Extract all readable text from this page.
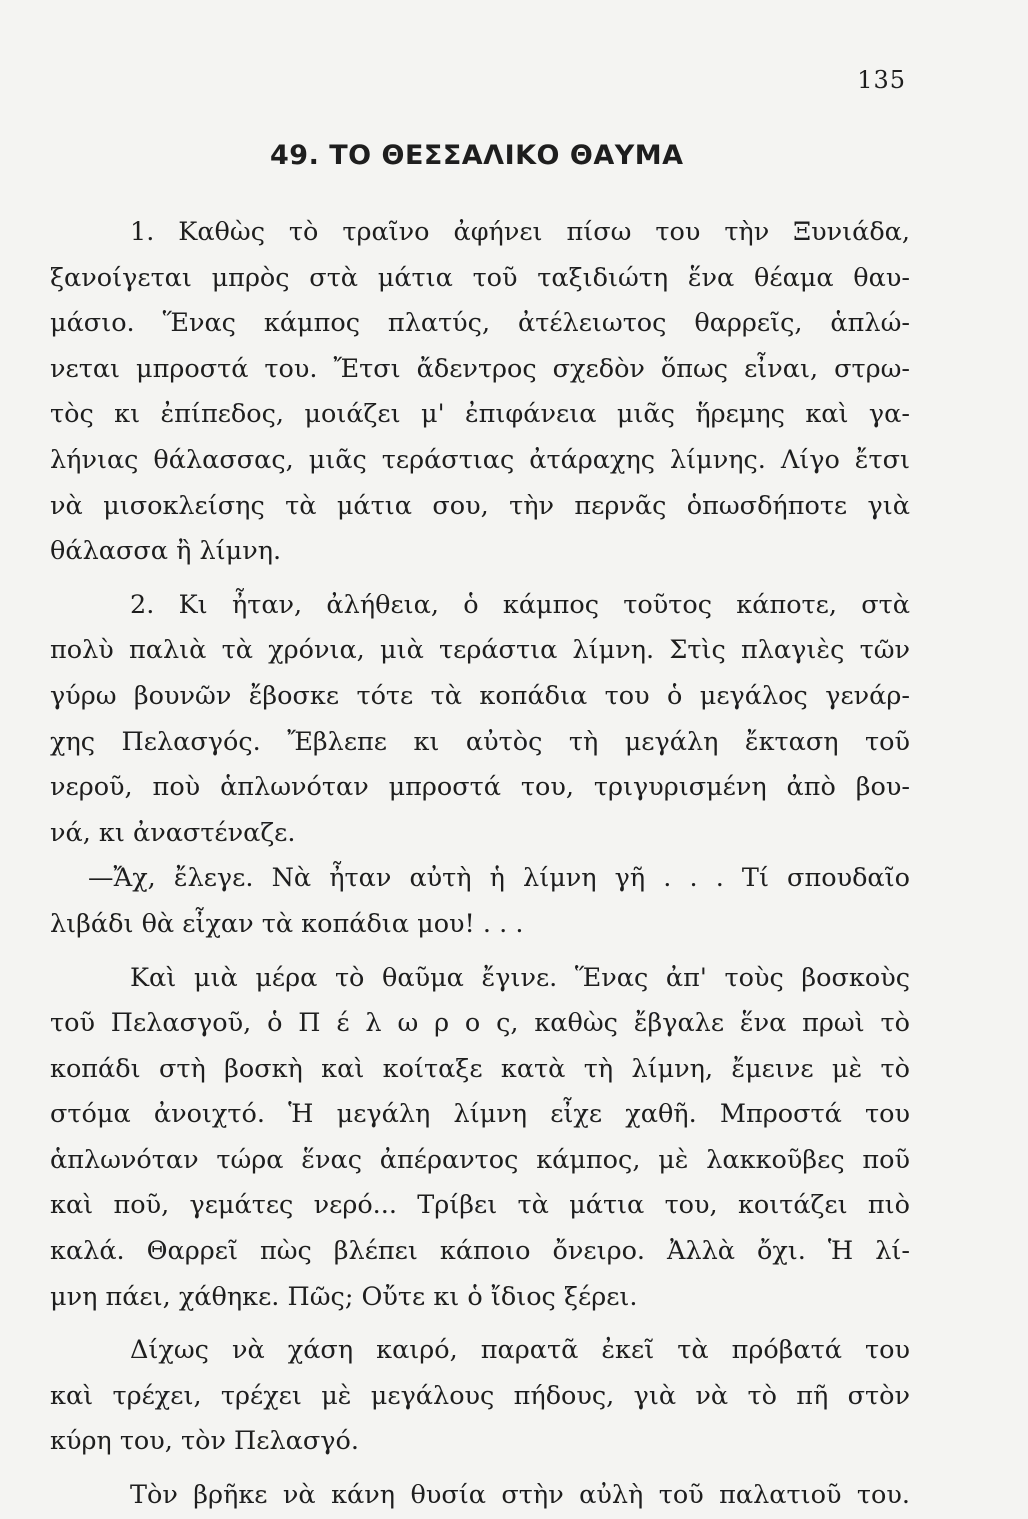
135
49. ΤΟ ΘΕΣΣΑΛΙΚΟ ΘΑΥΜΑ
1. Καθὼς τὸ τραῖνο ἀφήνει πίσω του τὴν Ξυνιάδα,
ξανοίγεται μπρὸς στὰ μάτια τοῦ ταξιδιώτη ἕνα θέαμα θαυ-
μάσιο. Ἕνας κάμπος πλατύς, ἀτέλειωτος θαρρεῖς, ἁπλώ-
νεται μπροστά του. Ἔτσι ἄδεντρος σχεδὸν ὅπως εἶναι, στρω-
τὸς κι ἐπίπεδος, μοιάζει μ' ἐπιφάνεια μιᾶς ἥρεμης καὶ γα-
λήνιας θάλασσας, μιᾶς τεράστιας ἀτάραχης λίμνης. Λίγο ἔτσι
νὰ μισοκλείσης τὰ μάτια σου, τὴν περνᾶς ὁπωσδήποτε γιὰ
θάλασσα ἢ λίμνη.
2. Κι ἦταν, ἀλήθεια, ὁ κάμπος τοῦτος κάποτε, στὰ
πολὺ παλιὰ τὰ χρόνια, μιὰ τεράστια λίμνη. Στὶς πλαγιὲς τῶν
γύρω βουνῶν ἔβοσκε τότε τὰ κοπάδια του ὁ μεγάλος γενάρ-
χης Πελασγός. Ἔβλεπε κι αὐτὸς τὴ μεγάλη ἔκταση τοῦ
νεροῦ, ποὺ ἁπλωνόταν μπροστά του, τριγυρισμένη ἀπὸ βου-
νά, κι ἀναστέναζε.
—Ἄχ, ἔλεγε. Νὰ ἦταν αὐτὴ ἡ λίμνη γῆ . . . Τί σπουδαῖο
λιβάδι θὰ εἶχαν τὰ κοπάδια μου! . . .
Καὶ μιὰ μέρα τὸ θαῦμα ἔγινε. Ἕνας ἀπ' τοὺς βοσκοὺς
τοῦ Πελασγοῦ, ὁ Π έ λ ω ρ ο ς, καθὼς ἔβγαλε ἕνα πρωὶ τὸ
κοπάδι στὴ βοσκὴ καὶ κοίταξε κατὰ τὴ λίμνη, ἔμεινε μὲ τὸ
στόμα ἀνοιχτό. Ἡ μεγάλη λίμνη εἶχε χαθῆ. Μπροστά του
ἁπλωνόταν τώρα ἕνας ἀπέραντος κάμπος, μὲ λακκοῦβες ποῦ
καὶ ποῦ, γεμάτες νερό... Τρίβει τὰ μάτια του, κοιτάζει πιὸ
καλά. Θαρρεῖ πὼς βλέπει κάποιο ὄνειρο. Ἀλλὰ ὄχι. Ἡ λί-
μνη πάει, χάθηκε. Πῶς; Οὔτε κι ὁ ἴδιος ξέρει.
Δίχως νὰ χάση καιρό, παρατᾶ ἐκεῖ τὰ πρόβατά του
καὶ τρέχει, τρέχει μὲ μεγάλους πήδους, γιὰ νὰ τὸ πῆ στὸν
κύρη του, τὸν Πελασγό.
Τὸν βρῆκε νὰ κάνη θυσία στὴν αὐλὴ τοῦ παλατιοῦ του.
